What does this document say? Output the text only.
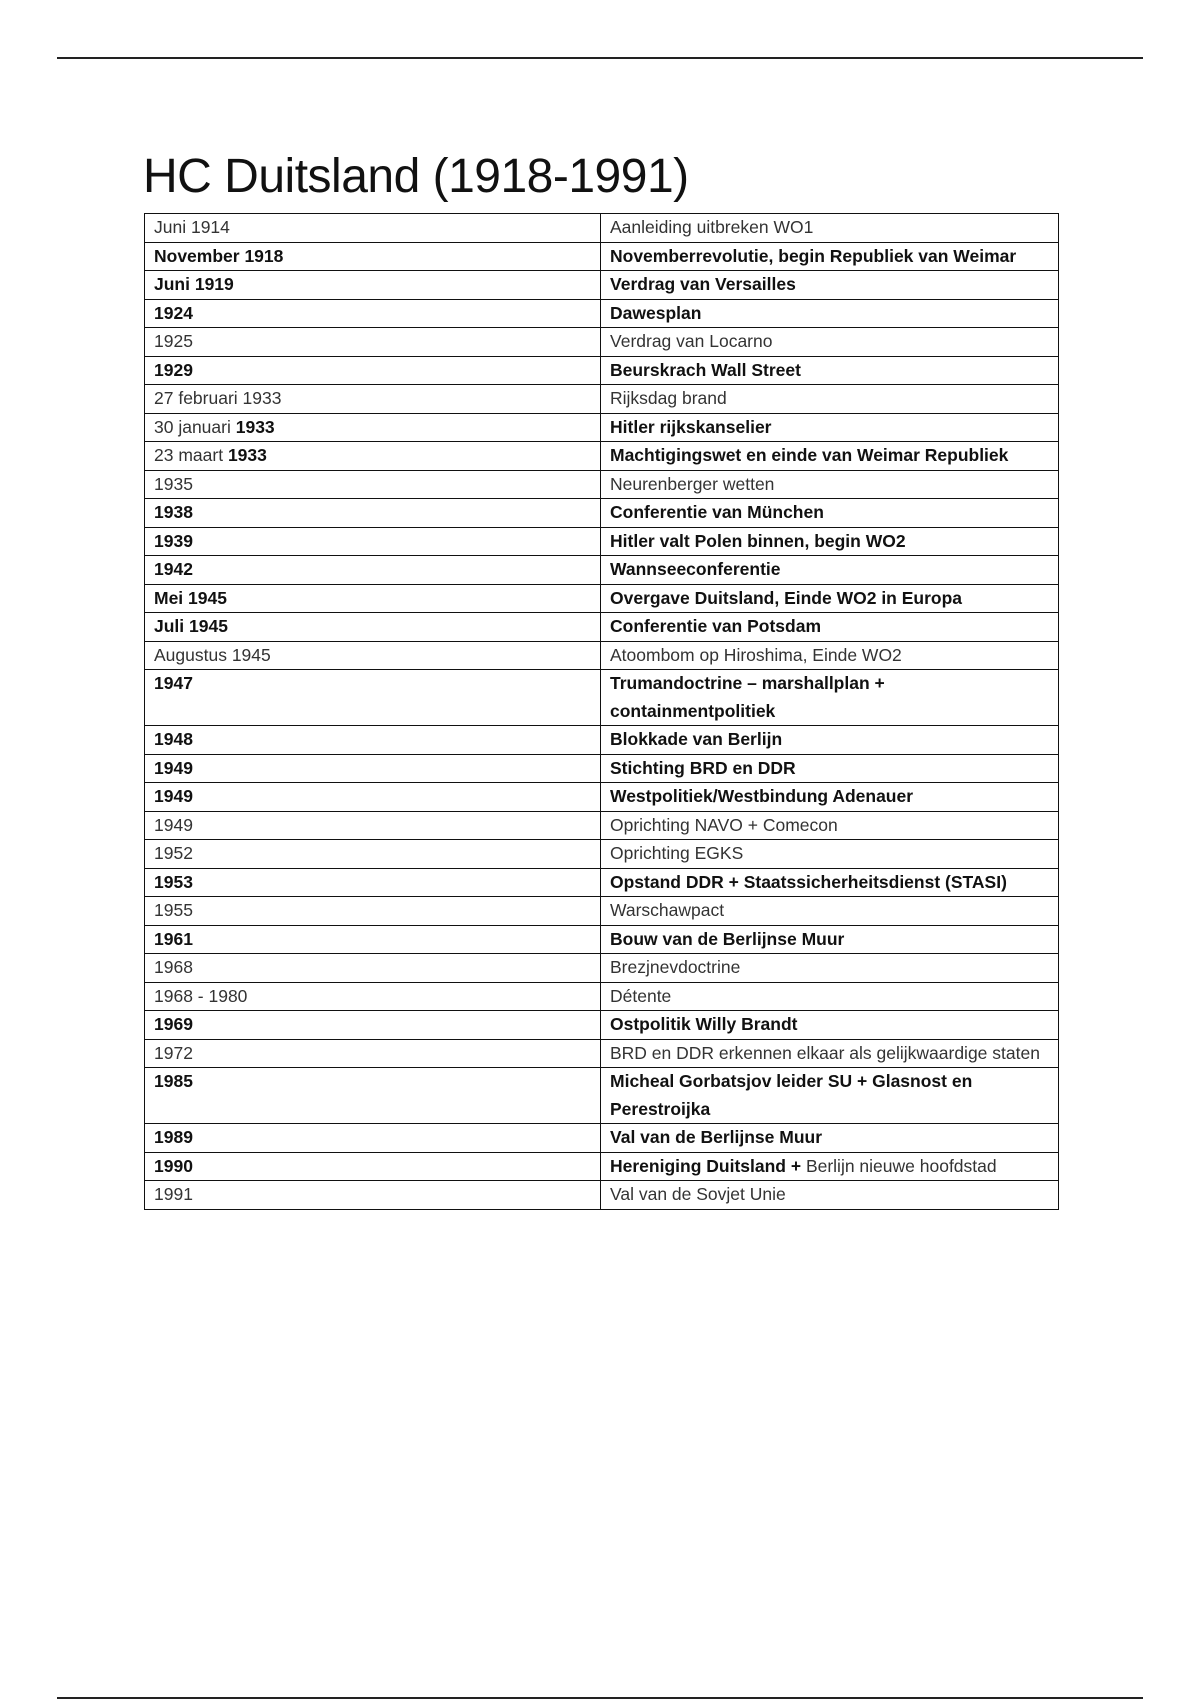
HC Duitsland (1918-1991)
Juni 1914	Aanleiding uitbreken WO1
November 1918	Novemberrevolutie, begin Republiek van Weimar
Juni 1919	Verdrag van Versailles
1924	Dawesplan
1925	Verdrag van Locarno
1929	Beurskrach Wall Street
27 februari 1933	Rijksdag brand
30 januari 1933	Hitler rijkskanselier
23 maart 1933	Machtigingswet en einde van Weimar Republiek
1935	Neurenberger wetten
1938	Conferentie van München
1939	Hitler valt Polen binnen, begin WO2
1942	Wannseeconferentie
Mei 1945	Overgave Duitsland, Einde WO2 in Europa
Juli 1945	Conferentie van Potsdam
Augustus 1945	Atoombom op Hiroshima, Einde WO2
1947	Trumandoctrine – marshallplan + containmentpolitiek
1948	Blokkade van Berlijn
1949	Stichting BRD en DDR
1949	Westpolitiek/Westbindung Adenauer
1949	Oprichting NAVO + Comecon
1952	Oprichting EGKS
1953	Opstand DDR + Staatssicherheitsdienst (STASI)
1955	Warschawpact
1961	Bouw van de Berlijnse Muur
1968	Brezjnevdoctrine
1968 - 1980	Détente
1969	Ostpolitik Willy Brandt
1972	BRD en DDR erkennen elkaar als gelijkwaardige staten
1985	Micheal Gorbatsjov leider SU + Glasnost en Perestroijka
1989	Val van de Berlijnse Muur
1990	Hereniging Duitsland + Berlijn nieuwe hoofdstad
1991	Val van de Sovjet Unie
